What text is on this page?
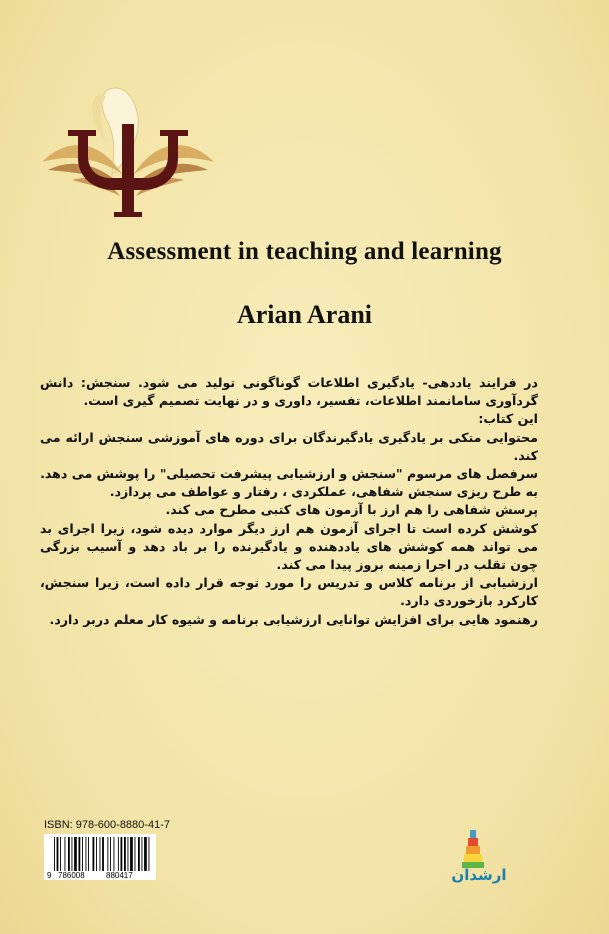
Assessment in teaching and learning
Arian Arani

در فرایند یاددهی- یادگیری اطلاعات گوناگونی تولید می شود. سنجش: دانش گردآوری سامانمند اطلاعات، تفسیر، داوری و در نهایت تصمیم گیری است.

این کتاب:

محتوایی متکی بر یادگیری یادگیرندگان برای دوره های آموزشی سنجش ارائه می کند.

سرفصل های مرسوم "سنجش و ارزشیابی پیشرفت تحصیلی" را پوشش می دهد.

به طرح ریزی سنجش شفاهی، عملکردی ، رفتار و عواطف می پردازد.

پرسش شفاهی را هم ارز با آزمون های کتبی مطرح می کند.

کوشش کرده است تا اجرای آزمون هم ارز دیگر موارد دیده شود، زیرا اجرای بد می تواند همه کوشش های یاددهنده و یادگیرنده را بر باد دهد و آسیب بزرگی چون تقلب در اجرا زمینه بروز پیدا می کند.

ارزشیابی از برنامه کلاس و تدریس را مورد توجه قرار داده است، زیرا سنجش، کارکرد بازخوردی دارد.

رهنمود هایی برای افزایش توانایی ارزشیابی برنامه و شیوه کار معلم دربر دارد.

ISBN: 978-600-8880-41-7
9 786008	880417	ارشدان
